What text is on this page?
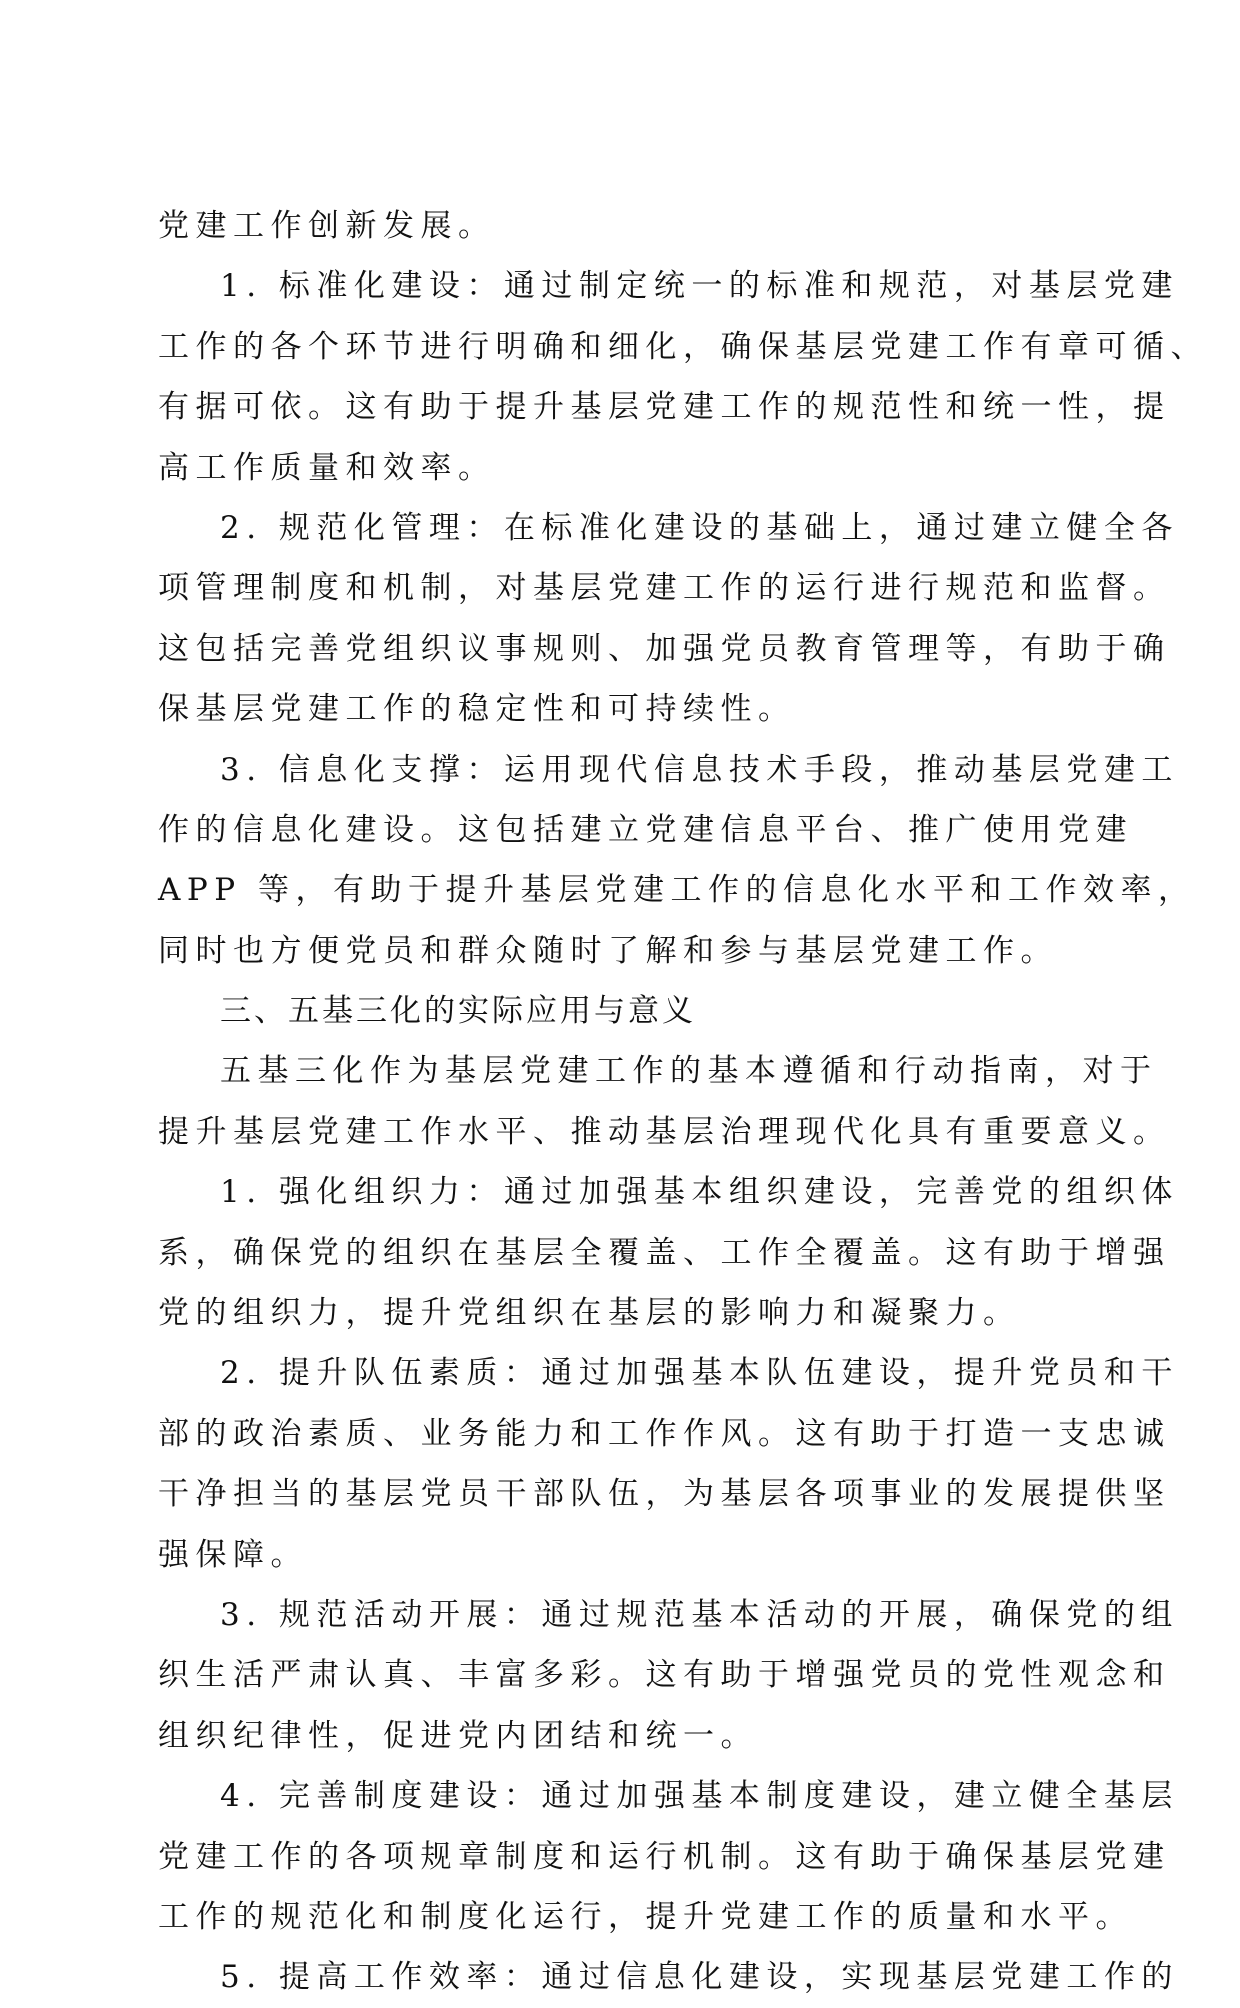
党建工作创新发展。
1. 标准化建设：通过制定统一的标准和规范，对基层党建
工作的各个环节进行明确和细化，确保基层党建工作有章可循、
有据可依。这有助于提升基层党建工作的规范性和统一性，提
高工作质量和效率。
2. 规范化管理：在标准化建设的基础上，通过建立健全各
项管理制度和机制，对基层党建工作的运行进行规范和监督。
这包括完善党组织议事规则、加强党员教育管理等，有助于确
保基层党建工作的稳定性和可持续性。
3. 信息化支撑：运用现代信息技术手段，推动基层党建工
作的信息化建设。这包括建立党建信息平台、推广使用党建
APP 等，有助于提升基层党建工作的信息化水平和工作效率，
同时也方便党员和群众随时了解和参与基层党建工作。
三、五基三化的实际应用与意义
五基三化作为基层党建工作的基本遵循和行动指南，对于
提升基层党建工作水平、推动基层治理现代化具有重要意义。
1. 强化组织力：通过加强基本组织建设，完善党的组织体
系，确保党的组织在基层全覆盖、工作全覆盖。这有助于增强
党的组织力，提升党组织在基层的影响力和凝聚力。
2. 提升队伍素质：通过加强基本队伍建设，提升党员和干
部的政治素质、业务能力和工作作风。这有助于打造一支忠诚
干净担当的基层党员干部队伍，为基层各项事业的发展提供坚
强保障。
3. 规范活动开展：通过规范基本活动的开展，确保党的组
织生活严肃认真、丰富多彩。这有助于增强党员的党性观念和
组织纪律性，促进党内团结和统一。
4. 完善制度建设：通过加强基本制度建设，建立健全基层
党建工作的各项规章制度和运行机制。这有助于确保基层党建
工作的规范化和制度化运行，提升党建工作的质量和水平。
5. 提高工作效率：通过信息化建设，实现基层党建工作的
